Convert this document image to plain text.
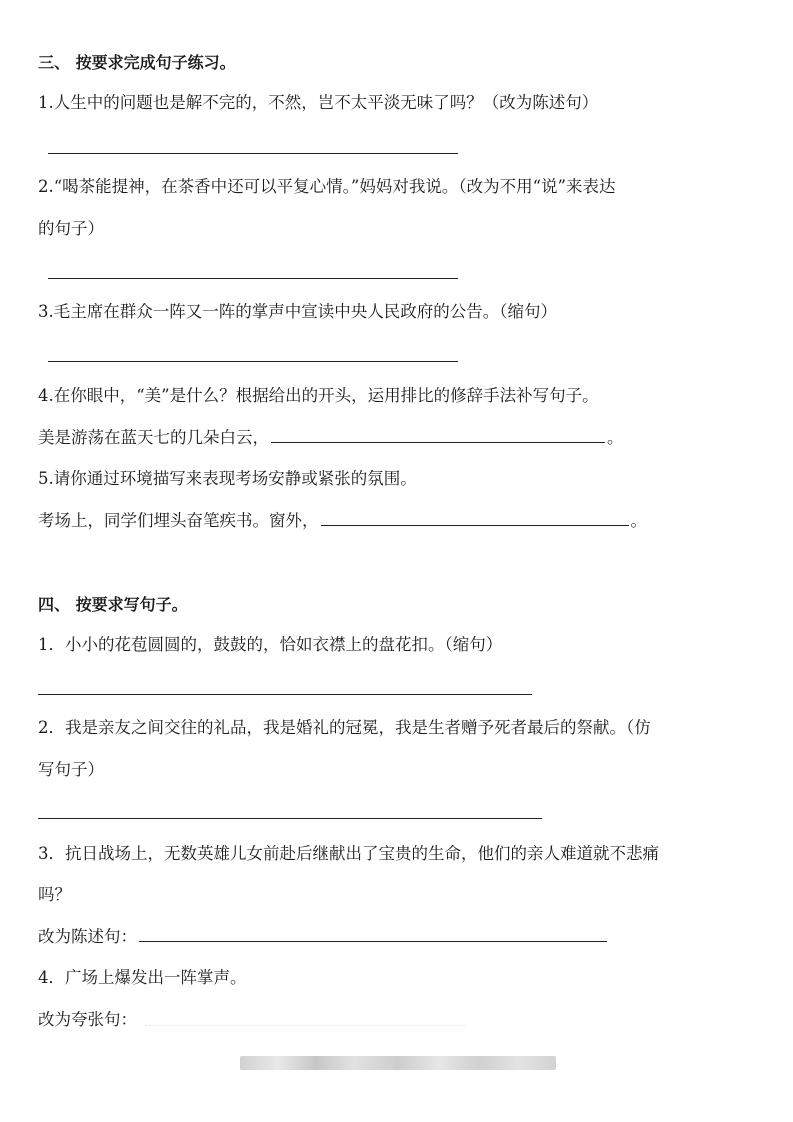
三、 按要求完成句子练习。
1.人生中的问题也是解不完的，不然，岂不太平淡无味了吗？（改为陈述句）
2.“喝茶能提神，在茶香中还可以平复心情。”妈妈对我说。（改为不用“说”来表达
的句子）
3.毛主席在群众一阵又一阵的掌声中宣读中央人民政府的公告。（缩句）
4.在你眼中，“美”是什么？根据给出的开头，运用排比的修辞手法补写句子。
美是游荡在蓝天七的几朵白云，	。
5.请你通过环境描写来表现考场安静或紧张的氛围。
考场上，同学们埋头奋笔疾书。窗外，	。
四、 按要求写句子。
1．小小的花苞圆圆的，鼓鼓的，恰如衣襟上的盘花扣。（缩句）
2．我是亲友之间交往的礼品，我是婚礼的冠冕，我是生者赠予死者最后的祭献。（仿
写句子）
3．抗日战场上，无数英雄儿女前赴后继献出了宝贵的生命，他们的亲人难道就不悲痛
吗？
改为陈述句：
4．广场上爆发出一阵掌声。
改为夸张句：
